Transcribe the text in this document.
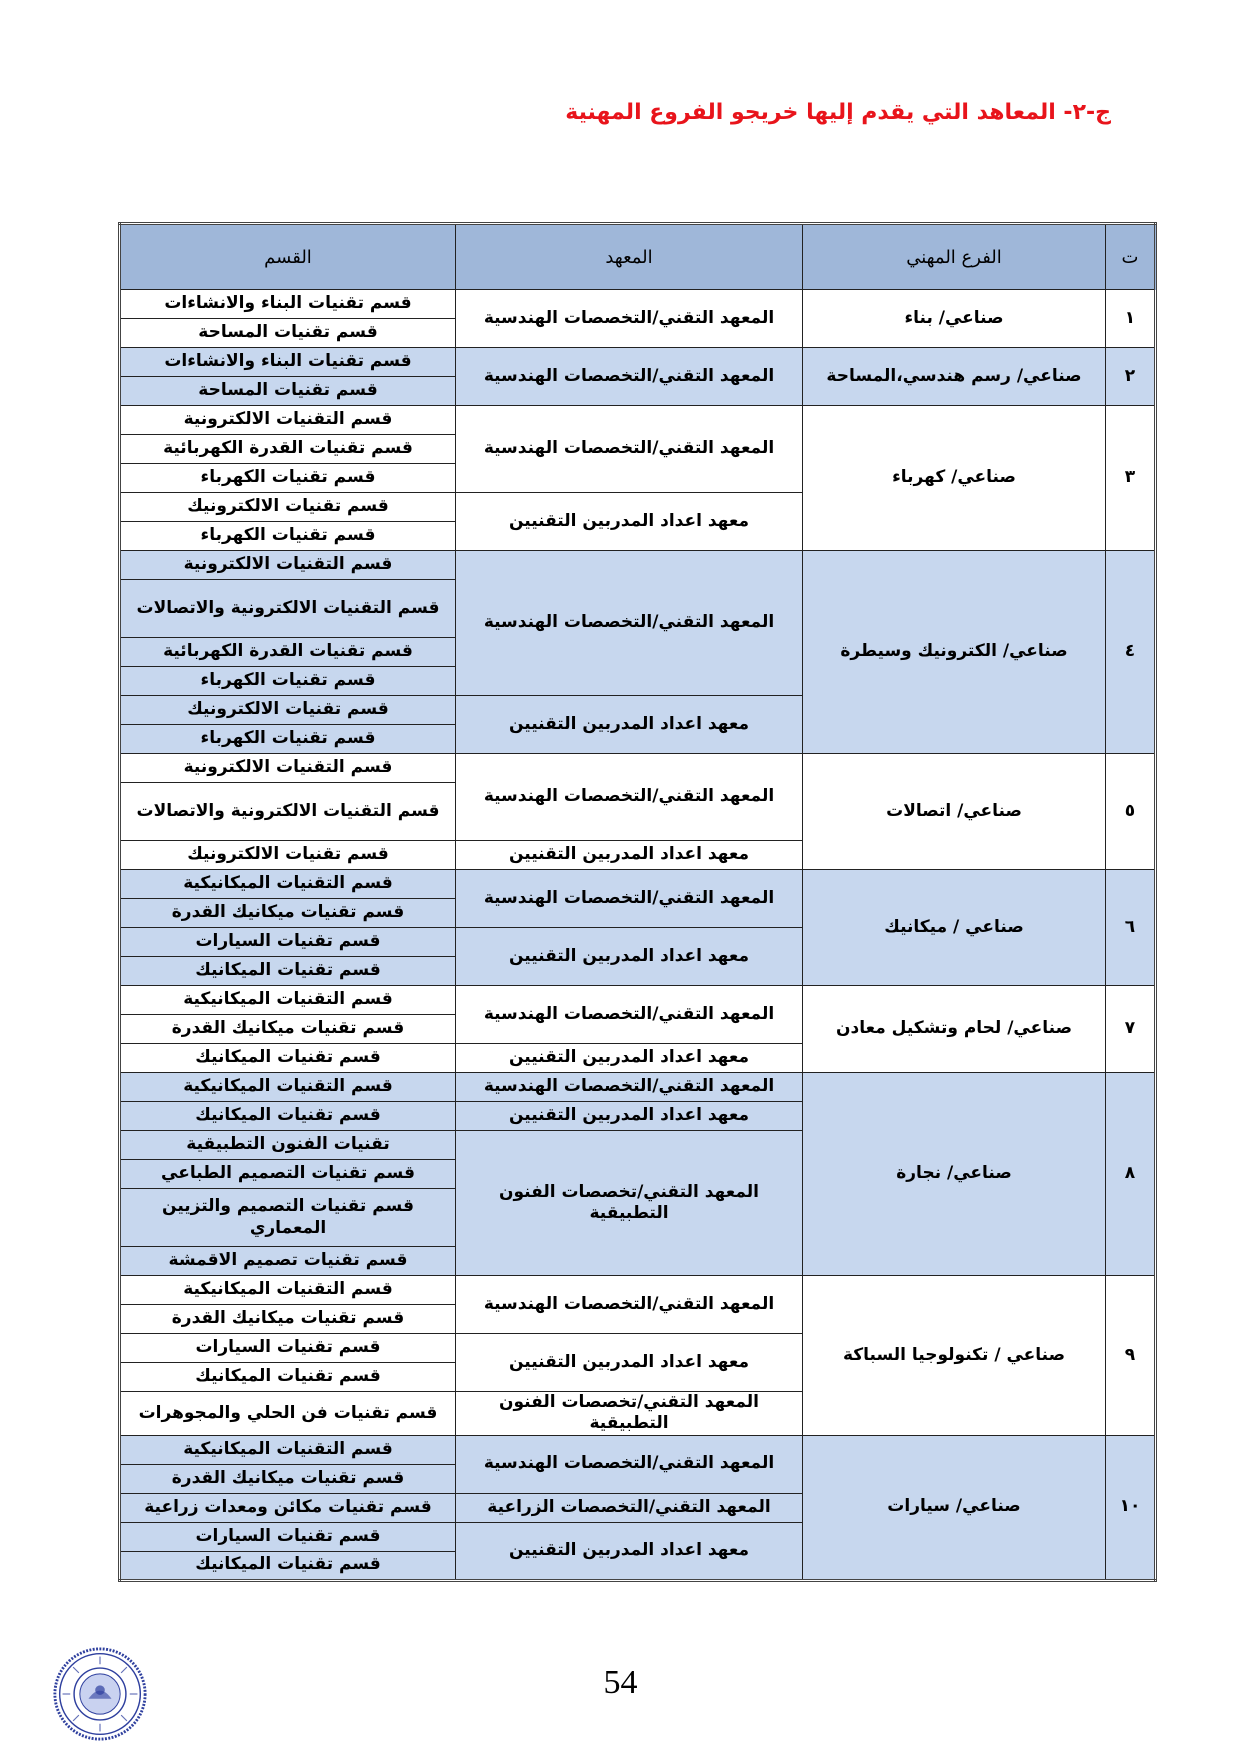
ج-٢- المعاهد التي يقدم إليها خريجو الفروع المهنية
ت	الفرع المهني	المعهد	القسم
١	صناعي/ بناء	المعهد التقني/التخصصات الهندسية	قسم تقنيات البناء والانشاءات
			قسم تقنيات المساحة
٢	صناعي/ رسم هندسي،المساحة	المعهد التقني/التخصصات الهندسية	قسم تقنيات البناء والانشاءات
			قسم تقنيات المساحة
٣	صناعي/ كهرباء	المعهد التقني/التخصصات الهندسية	قسم التقنيات الالكترونية
			قسم تقنيات القدرة الكهربائية
			قسم تقنيات الكهرباء
		معهد اعداد المدربين التقنيين	قسم تقنيات الالكترونيك
			قسم تقنيات الكهرباء
٤	صناعي/ الكترونيك وسيطرة	المعهد التقني/التخصصات الهندسية	قسم التقنيات الالكترونية
			قسم التقنيات الالكترونية والاتصالات
			قسم تقنيات القدرة الكهربائية
			قسم تقنيات الكهرباء
		معهد اعداد المدربين التقنيين	قسم تقنيات الالكترونيك
			قسم تقنيات الكهرباء
٥	صناعي/ اتصالات	المعهد التقني/التخصصات الهندسية	قسم التقنيات الالكترونية
			قسم التقنيات الالكترونية والاتصالات
		معهد اعداد المدربين التقنيين	قسم تقنيات الالكترونيك
٦	صناعي / ميكانيك	المعهد التقني/التخصصات الهندسية	قسم التقنيات الميكانيكية
			قسم تقنيات ميكانيك القدرة
		معهد اعداد المدربين التقنيين	قسم تقنيات السيارات
			قسم تقنيات الميكانيك
٧	صناعي/ لحام وتشكيل معادن	المعهد التقني/التخصصات الهندسية	قسم التقنيات الميكانيكية
			قسم تقنيات ميكانيك القدرة
		معهد اعداد المدربين التقنيين	قسم تقنيات الميكانيك
٨	صناعي/ نجارة	المعهد التقني/التخصصات الهندسية	قسم التقنيات الميكانيكية
		معهد اعداد المدربين التقنيين	قسم تقنيات الميكانيك
		المعهد التقني/تخصصات الفنون التطبيقية	تقنيات الفنون التطبيقية
			قسم تقنيات التصميم الطباعي
			قسم تقنيات التصميم والتزيين المعماري
			قسم تقنيات تصميم الاقمشة
٩	صناعي / تكنولوجيا السباكة	المعهد التقني/التخصصات الهندسية	قسم التقنيات الميكانيكية
			قسم تقنيات ميكانيك القدرة
		معهد اعداد المدربين التقنيين	قسم تقنيات السيارات
			قسم تقنيات الميكانيك
		المعهد التقني/تخصصات الفنون التطبيقية	قسم تقنيات فن الحلي والمجوهرات
١٠	صناعي/ سيارات	المعهد التقني/التخصصات الهندسية	قسم التقنيات الميكانيكية
			قسم تقنيات ميكانيك القدرة
		المعهد التقني/التخصصات الزراعية	قسم تقنيات مكائن ومعدات زراعية
		معهد اعداد المدربين التقنيين	قسم تقنيات السيارات
			قسم تقنيات الميكانيك
54
